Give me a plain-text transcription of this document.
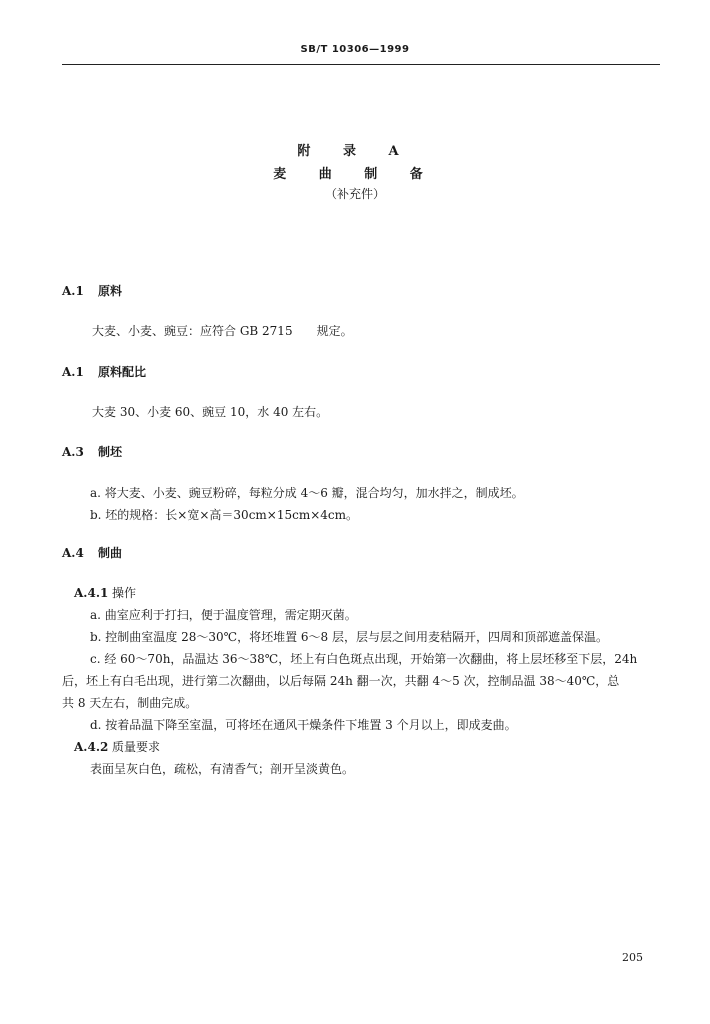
SB/T 10306—1999
附 录 A
麦 曲 制 备
（补充件）
A.1 原料
大麦、小麦、豌豆：应符合 GB 2715　　规定。
A.1 原料配比
大麦 30、小麦 60、豌豆 10，水 40 左右。
A.3 制坯
a. 将大麦、小麦、豌豆粉碎，每粒分成 4～6 瓣，混合均匀，加水拌之，制成坯。
b. 坯的规格：长×宽×高＝30cm×15cm×4cm。
A.4 制曲
A.4.1 操作
a. 曲室应利于打扫，便于温度管理，需定期灭菌。
b. 控制曲室温度 28～30℃，将坯堆置 6～8 层，层与层之间用麦秸隔开，四周和顶部遮盖保温。
c. 经 60～70h，品温达 36～38℃，坯上有白色斑点出现，开始第一次翻曲，将上层坯移至下层，24h
后，坯上有白毛出现，进行第二次翻曲，以后每隔 24h 翻一次，共翻 4～5 次，控制品温 38～40℃，总
共 8 天左右，制曲完成。
d. 按着品温下降至室温，可将坯在通风干燥条件下堆置 3 个月以上，即成麦曲。
A.4.2 质量要求
表面呈灰白色，疏松，有清香气；剖开呈淡黄色。
205
